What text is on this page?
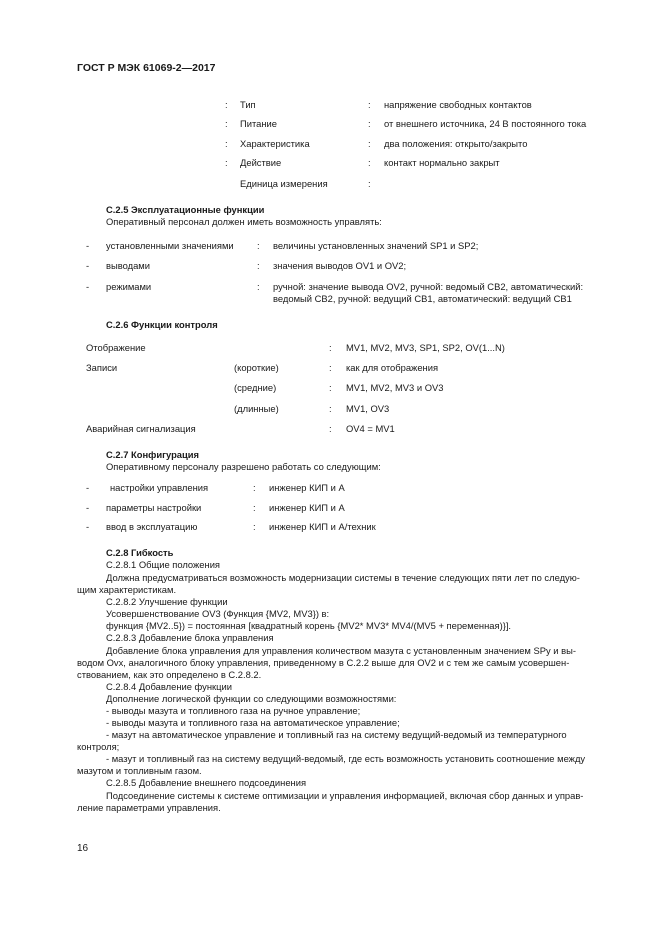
ГОСТ Р МЭК 61069-2—2017
: Тип	: напряжение свободных контактов
: Питание	: от внешнего источника, 24 В постоянного тока
: Характеристика	: два положения: открыто/закрыто
: Действие	: контакт нормально закрыт
Единица измерения	:
С.2.5 Эксплуатационные функции
Оперативный персонал должен иметь возможность управлять:
- установленными значениями : величины установленных значений SP1 и SP2;
- выводами	: значения выводов OV1 и OV2;
- режимами	: ручной: значение вывода OV2, ручной: ведомый CB2, автоматический:
ведомый CB2, ручной: ведущий CB1, автоматический: ведущий CB1
С.2.6 Функции контроля
Отображение	: MV1, MV2, MV3, SP1, SP2, OV(1...N)
Записи	(короткие)	: как для отображения
(средние)	: MV1, MV2, MV3 и OV3
(длинные)	: MV1, OV3
Аварийная сигнализация	: OV4 = MV1
С.2.7 Конфигурация
Оперативному персоналу разрешено работать со следующим:
- настройки управления	: инженер КИП и А
- параметры настройки	: инженер КИП и А
- ввод в эксплуатацию	: инженер КИП и А/техник
С.2.8 Гибкость
С.2.8.1 Общие положения
Должна предусматриваться возможность модернизации системы в течение следующих пяти лет по следую-
щим характеристикам.
С.2.8.2 Улучшение функции
Усовершенствование OV3 (Функция {MV2, MV3}) в:
функция {MV2..5}) = постоянная [квадратный корень {MV2* MV3* MV4/(MV5 + переменная)}].
С.2.8.3 Добавление блока управления
Добавление блока управления для управления количеством мазута с установленным значением SPy и вы-
водом Ovx, аналогичного блоку управления, приведенному в С.2.2 выше для OV2 и с тем же самым усовершен-
ствованием, как это определено в С.2.8.2.
С.2.8.4 Добавление функции
Дополнение логической функции со следующими возможностями:
- выводы мазута и топливного газа на ручное управление;
- выводы мазута и топливного газа на автоматическое управление;
- мазут на автоматическое управление и топливный газ на систему ведущий-ведомый из температурного
контроля;
- мазут и топливный газ на систему ведущий-ведомый, где есть возможность установить соотношение между
мазутом и топливным газом.
С.2.8.5 Добавление внешнего подсоединения
Подсоединение системы к системе оптимизации и управления информацией, включая сбор данных и управ-
ление параметрами управления.
16
